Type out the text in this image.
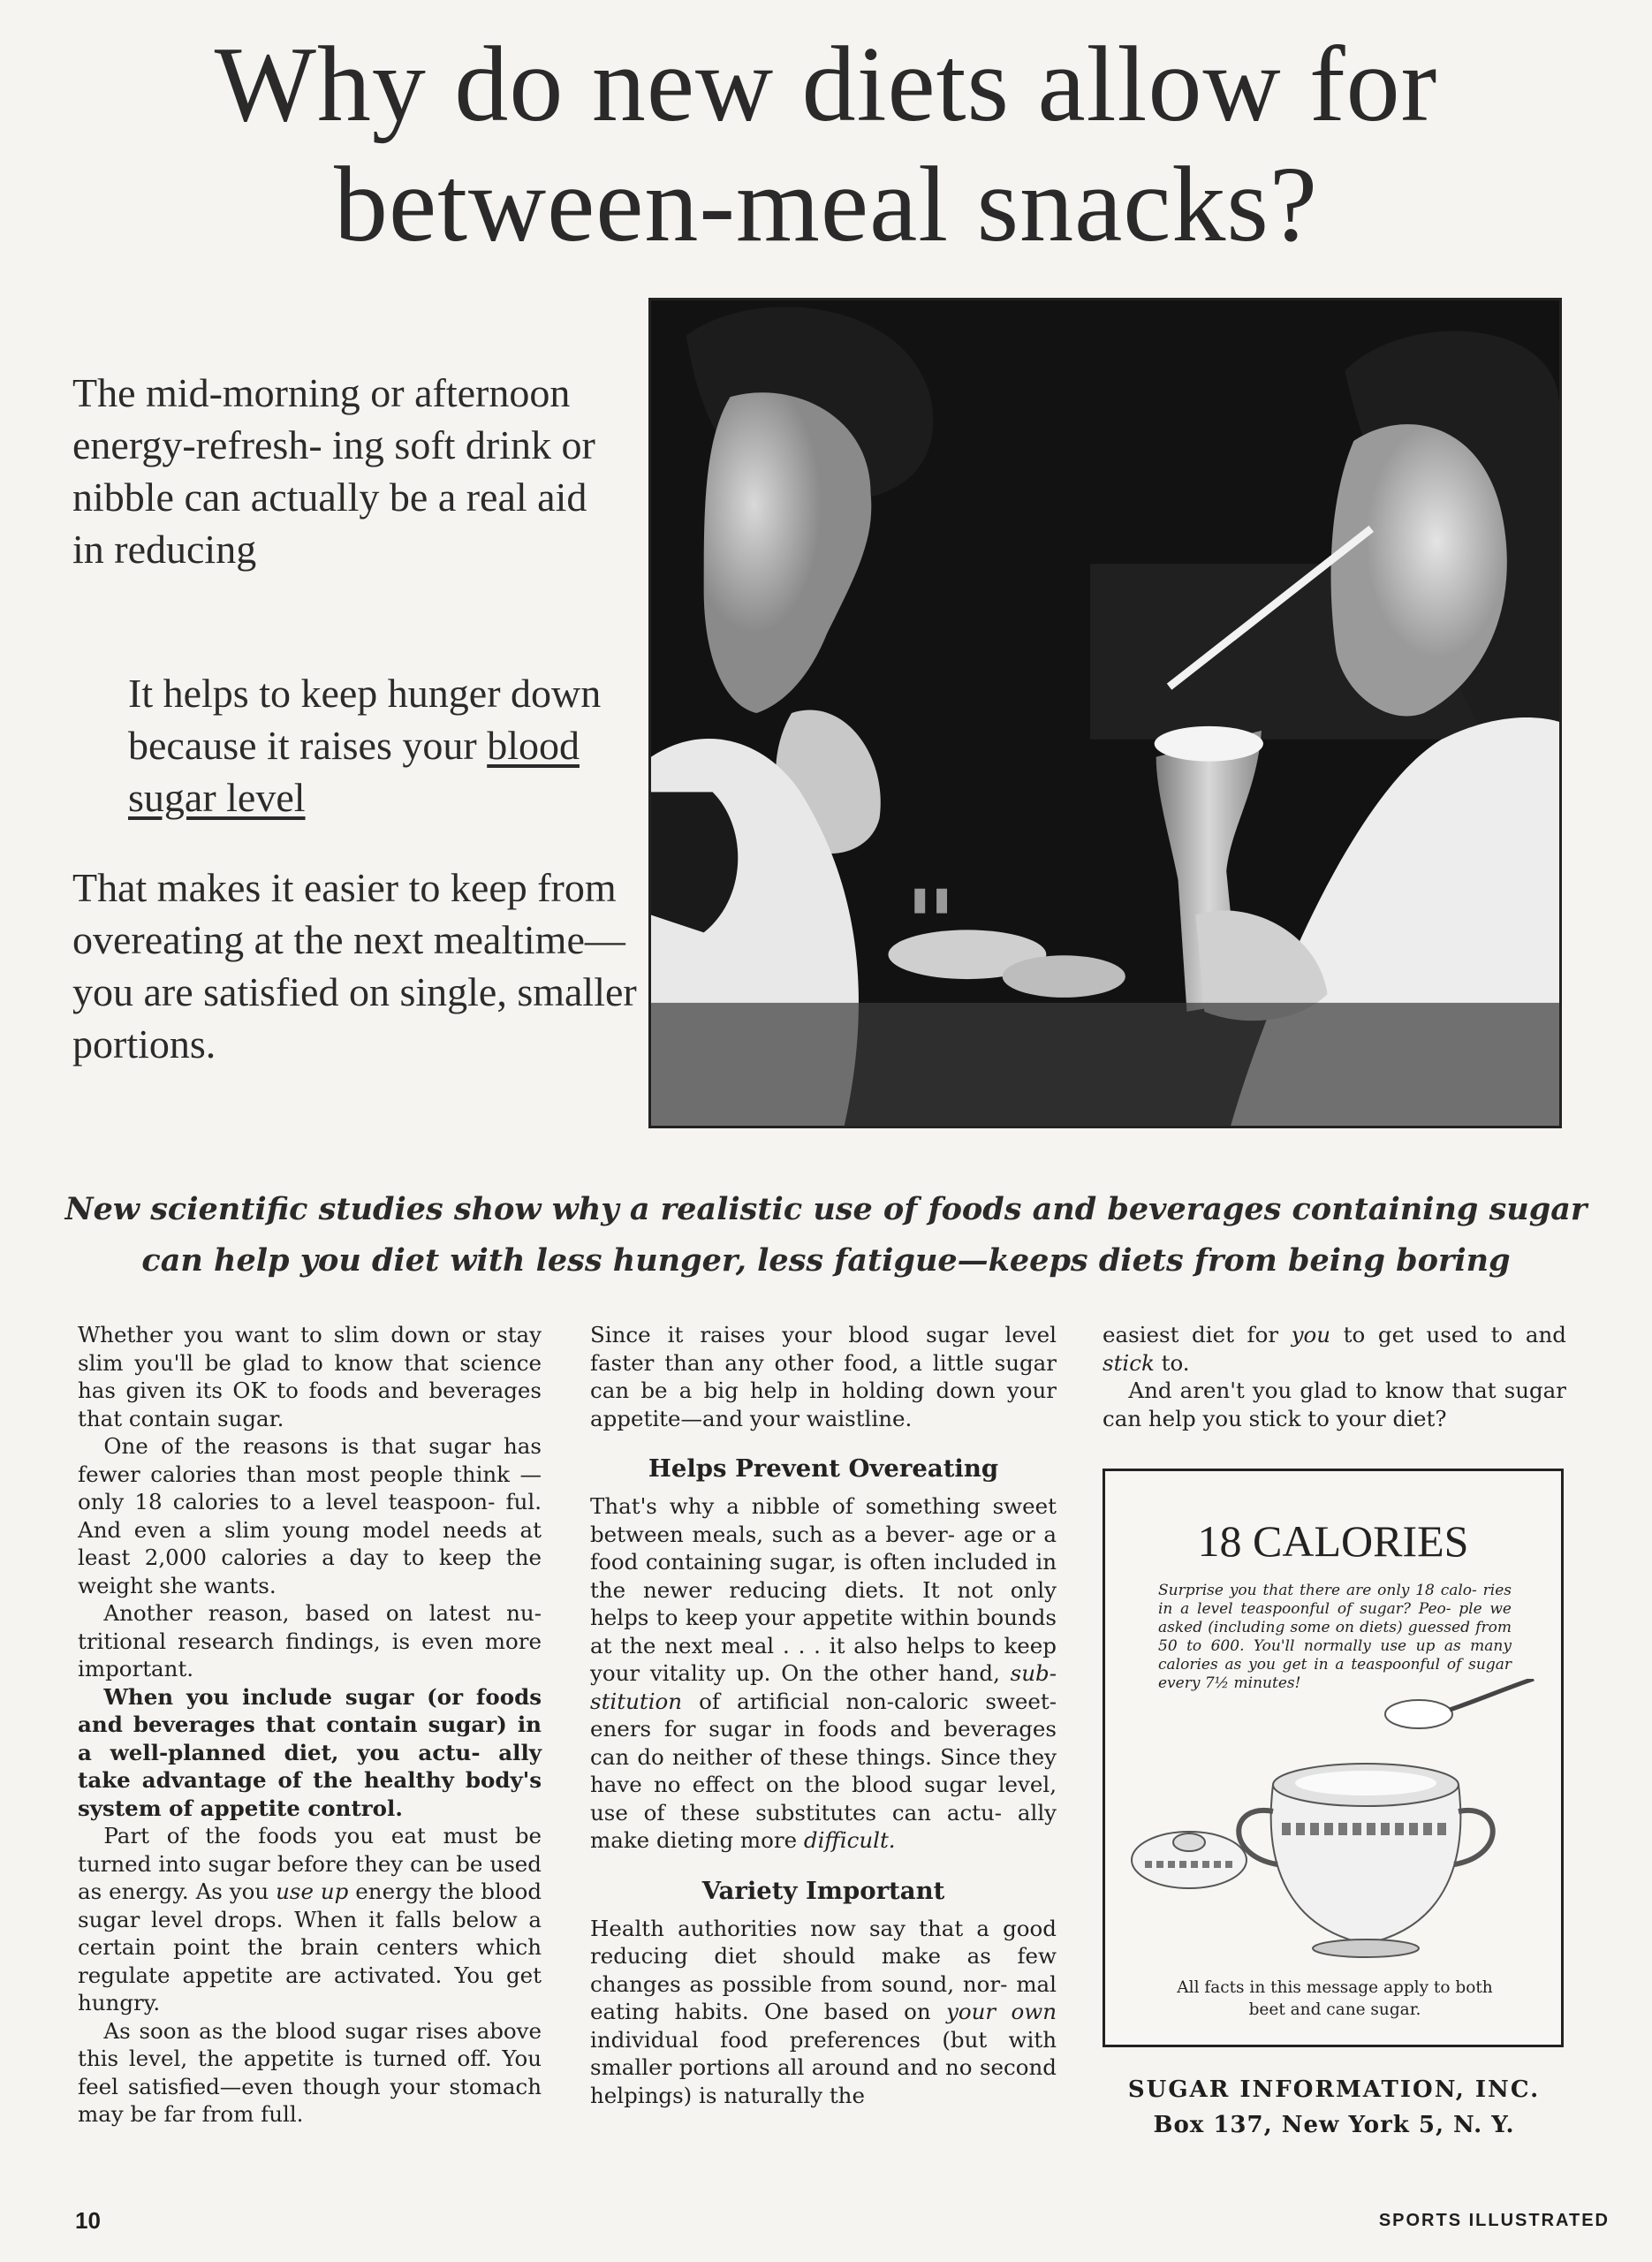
Why do new diets allow for
between-meal snacks?

The mid-morning or afternoon energy-refresh- ing soft drink or nibble can actually be a real aid in reducing

It helps to keep hunger down because it raises your blood sugar level

That makes it easier to keep from overeating at the next mealtime—you are satisfied on single, smaller portions.

New scientific studies show why a realistic use of foods and beverages containing sugar
can help you diet with less hunger, less fatigue—keeps diets from being boring

Whether you want to slim down or stay slim you'll be glad to know that science has given its OK to foods and beverages that contain sugar.

One of the reasons is that sugar has fewer calories than most people think —only 18 calories to a level teaspoon- ful. And even a slim young model needs at least 2,000 calories a day to keep the weight she wants.

Another reason, based on latest nu- tritional research findings, is even more important.

When you include sugar (or foods and beverages that contain sugar) in a well-planned diet, you actu- ally take advantage of the healthy body's system of appetite control.

Part of the foods you eat must be turned into sugar before they can be used as energy. As you use up energy the blood sugar level drops. When it falls below a certain point the brain centers which regulate appetite are activated. You get hungry.

As soon as the blood sugar rises above this level, the appetite is turned off. You feel satisfied—even though your stomach may be far from full.

Since it raises your blood sugar level faster than any other food, a little sugar can be a big help in holding down your appetite—and your waistline.

Helps Prevent Overeating

That's why a nibble of something sweet between meals, such as a bever- age or a food containing sugar, is often included in the newer reducing diets. It not only helps to keep your appetite within bounds at the next meal . . . it also helps to keep your vitality up. On the other hand, sub- stitution of artificial non-caloric sweet- eners for sugar in foods and beverages can do neither of these things. Since they have no effect on the blood sugar level, use of these substitutes can actu- ally make dieting more difficult.

Variety Important

Health authorities now say that a good reducing diet should make as few changes as possible from sound, nor- mal eating habits. One based on your own individual food preferences (but with smaller portions all around and no second helpings) is naturally the

easiest diet for you to get used to and stick to.

And aren't you glad to know that sugar can help you stick to your diet?

18 CALORIES

Surprise you that there are only 18 calo- ries in a level teaspoonful of sugar? Peo- ple we asked (including some on diets) guessed from 50 to 600. You'll normally use up as many calories as you get in a teaspoonful of sugar every 7½ minutes!

All facts in this message apply to both beet and cane sugar.

SUGAR INFORMATION, INC.

Box 137, New York 5, N. Y.

10	SPORTS ILLUSTRATED
